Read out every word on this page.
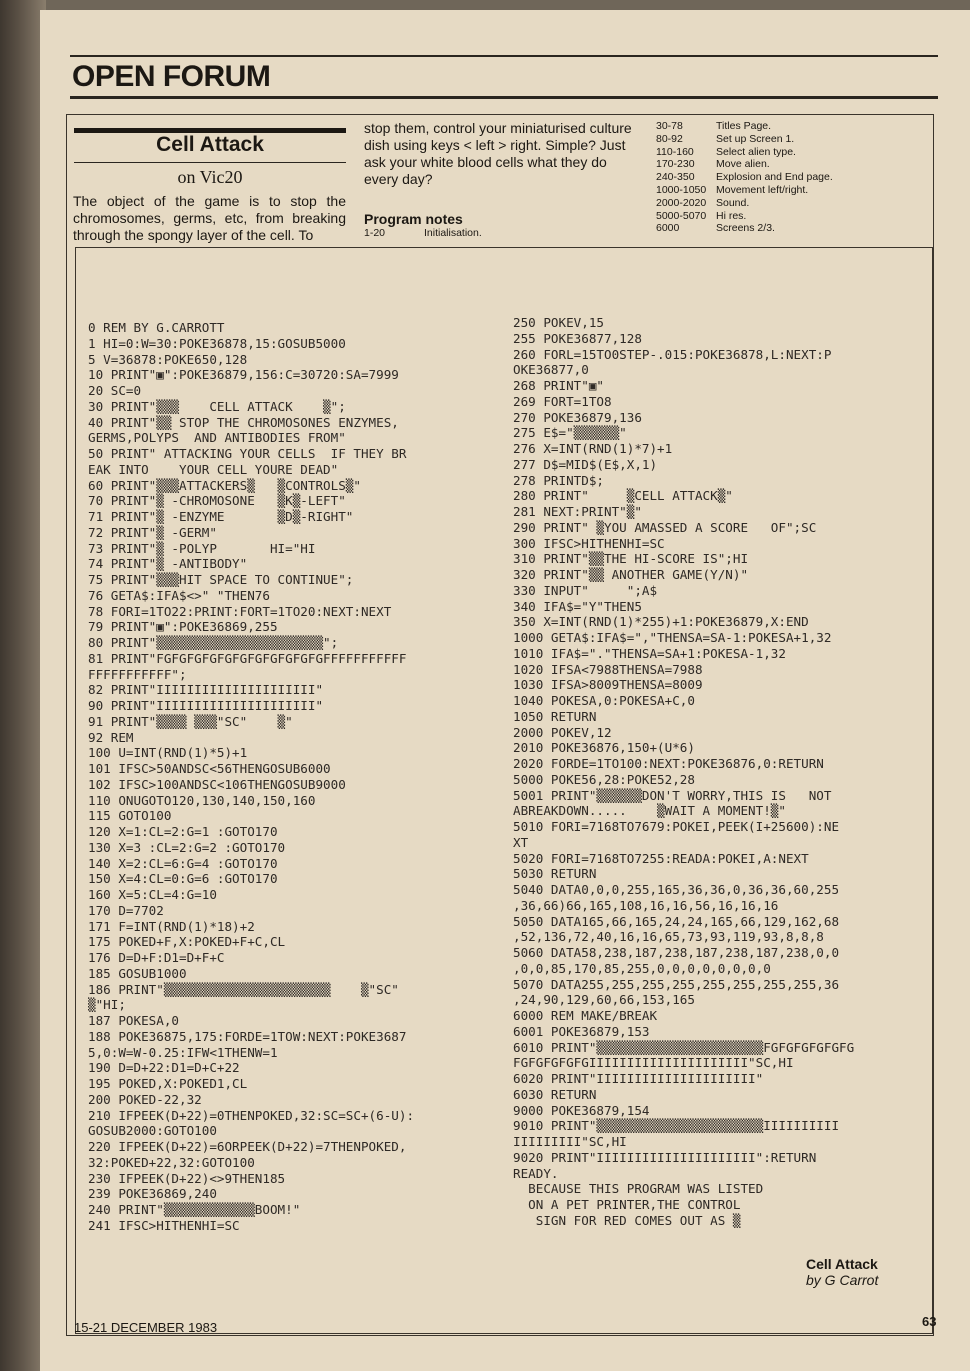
OPEN FORUM
Cell Attack
on Vic20

The object of the game is to stop the chromosomes, germs, etc, from breaking through the spongy layer of the cell. To

stop them, control your miniaturised culture dish using keys < left > right. Simple? Just ask your white blood cells what they do every day?

Program notes
1-20	Initialisation.
30-78	Titles Page.
80-92	Set up Screen 1.
110-160 Select alien type.
170-230 Move alien.
240-350 Explosion and End page.
1000-1050 Movement left/right.
2000-2020 Sound.
5000-5070 Hi res.
6000	Screens 2/3.
0 REM BY G.CARROTT
1 HI=0:W=30:POKE36878,15:GOSUB5000
5 V=36878:POKE650,128
10 PRINT"▣":POKE36879,156:C=30720:SA=7999
20 SC=0
30 PRINT"▒▒▒    CELL ATTACK    ▒";
40 PRINT"▒▒ STOP THE CHROMOSONES ENZYMES,
GERMS,POLYPS  AND ANTIBODIES FROM"
50 PRINT" ATTACKING YOUR CELLS  IF THEY BR
EAK INTO    YOUR CELL YOURE DEAD"
60 PRINT"▒▒▒ATTACKERS▒   ▒CONTROLS▒"
70 PRINT"▒ -CHROMOSONE   ▒K▒-LEFT"
71 PRINT"▒ -ENZYME       ▒D▒-RIGHT"
72 PRINT"▒ -GERM"
73 PRINT"▒ -POLYP       HI="HI
74 PRINT"▒ -ANTIBODY"
75 PRINT"▒▒▒HIT SPACE TO CONTINUE";
76 GETA$:IFA$<>" "THEN76
78 FORI=1TO22:PRINT:FORT=1TO20:NEXT:NEXT
79 PRINT"▣":POKE36869,255
80 PRINT"▒▒▒▒▒▒▒▒▒▒▒▒▒▒▒▒▒▒▒▒▒▒";
81 PRINT"FGFGFGFGFGFGFGFGFGFGFGFFFFFFFFFFF
FFFFFFFFFFF";
82 PRINT"IIIIIIIIIIIIIIIIIIIII"
90 PRINT"IIIIIIIIIIIIIIIIIIIII"
91 PRINT"▒▒▒▒ ▒▒▒"SC"    ▒"
92 REM
100 U=INT(RND(1)*5)+1
101 IFSC>50ANDSC<56THENGOSUB6000
102 IFSC>100ANDSC<106THENGOSUB9000
110 ONUGOTO120,130,140,150,160
115 GOTO100
120 X=1:CL=2:G=1 :GOTO170
130 X=3 :CL=2:G=2 :GOTO170
140 X=2:CL=6:G=4 :GOTO170
150 X=4:CL=0:G=6 :GOTO170
160 X=5:CL=4:G=10
170 D=7702
171 F=INT(RND(1)*18)+2
175 POKED+F,X:POKED+F+C,CL
176 D=D+F:D1=D+F+C
185 GOSUB1000
186 PRINT"▒▒▒▒▒▒▒▒▒▒▒▒▒▒▒▒▒▒▒▒▒▒    ▒"SC"
▒"HI;
187 POKESA,0
188 POKE36875,175:FORDE=1TOW:NEXT:POKE3687
5,0:W=W-0.25:IFW<1THENW=1
190 D=D+22:D1=D+C+22
195 POKED,X:POKED1,CL
200 POKED-22,32
210 IFPEEK(D+22)=0THENPOKED,32:SC=SC+(6-U):
GOSUB2000:GOTO100
220 IFPEEK(D+22)=6ORPEEK(D+22)=7THENPOKED,
32:POKED+22,32:GOTO100
230 IFPEEK(D+22)<>9THEN185
239 POKE36869,240
240 PRINT"▒▒▒▒▒▒▒▒▒▒▒▒BOOM!"
241 IFSC>HITHENHI=SC
250 POKEV,15
255 POKE36877,128
260 FORL=15TO0STEP-.015:POKE36878,L:NEXT:P
OKE36877,0
268 PRINT"▣"
269 FORT=1TO8
270 POKE36879,136
275 E$="▒▒▒▒▒▒"
276 X=INT(RND(1)*7)+1
277 D$=MID$(E$,X,1)
278 PRINTD$;
280 PRINT"     ▒CELL ATTACK▒"
281 NEXT:PRINT"▒"
290 PRINT" ▒YOU AMASSED A SCORE   OF";SC
300 IFSC>HITHENHI=SC
310 PRINT"▒▒THE HI-SCORE IS";HI
320 PRINT"▒▒ ANOTHER GAME(Y/N)"
330 INPUT"     ";A$
340 IFA$="Y"THEN5
350 X=INT(RND(1)*255)+1:POKE36879,X:END
1000 GETA$:IFA$=","THENSA=SA-1:POKESA+1,32
1010 IFA$="."THENSA=SA+1:POKESA-1,32
1020 IFSA<7988THENSA=7988
1030 IFSA>8009THENSA=8009
1040 POKESA,0:POKESA+C,0
1050 RETURN
2000 POKEV,12
2010 POKE36876,150+(U*6)
2020 FORDE=1TO100:NEXT:POKE36876,0:RETURN
5000 POKE56,28:POKE52,28
5001 PRINT"▒▒▒▒▒▒DON'T WORRY,THIS IS   NOT
ABREAKDOWN.....    ▒WAIT A MOMENT!▒"
5010 FORI=7168TO7679:POKEI,PEEK(I+25600):NE
XT
5020 FORI=7168TO7255:READA:POKEI,A:NEXT
5030 RETURN
5040 DATA0,0,0,255,165,36,36,0,36,36,60,255
,36,66)66,165,108,16,16,56,16,16,16
5050 DATA165,66,165,24,24,165,66,129,162,68
,52,136,72,40,16,16,65,73,93,119,93,8,8,8
5060 DATA58,238,187,238,187,238,187,238,0,0
,0,0,85,170,85,255,0,0,0,0,0,0,0,0
5070 DATA255,255,255,255,255,255,255,255,36
,24,90,129,60,66,153,165
6000 REM MAKE/BREAK
6001 POKE36879,153
6010 PRINT"▒▒▒▒▒▒▒▒▒▒▒▒▒▒▒▒▒▒▒▒▒▒FGFGFGFGFGFG
FGFGFGFGFGIIIIIIIIIIIIIIIIIIIII"SC,HI
6020 PRINT"IIIIIIIIIIIIIIIIIIIII"
6030 RETURN
9000 POKE36879,154
9010 PRINT"▒▒▒▒▒▒▒▒▒▒▒▒▒▒▒▒▒▒▒▒▒▒IIIIIIIIII
IIIIIIIII"SC,HI
9020 PRINT"IIIIIIIIIIIIIIIIIIIII":RETURN
READY.
BECAUSE THIS PROGRAM WAS LISTED
ON A PET PRINTER,THE CONTROL
SIGN FOR RED COMES OUT AS ▒
Cell Attack
by G Carrot
15-21 DECEMBER 1983	63
